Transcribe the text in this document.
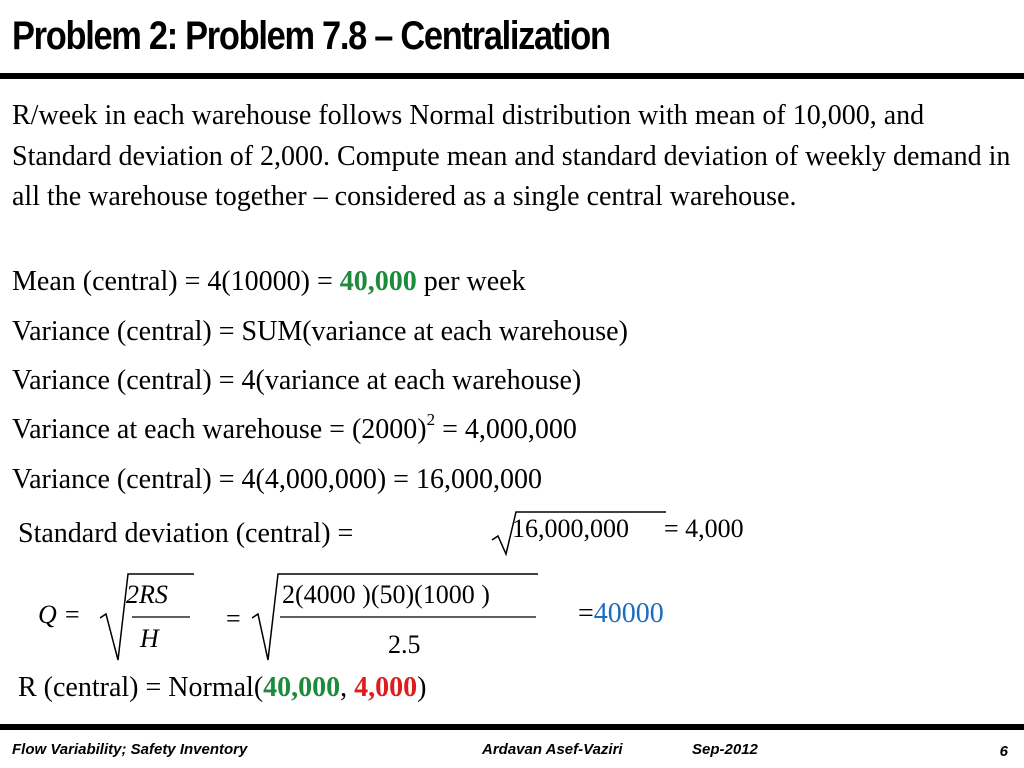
Problem 2: Problem 7.8 – Centralization
R/week in each warehouse follows Normal distribution with mean of 10,000, and Standard deviation of 2,000. Compute mean and standard deviation of weekly demand in all the warehouse together – considered as a single central warehouse.
Mean (central) = 4(10000) = 40,000 per week
Variance (central) = SUM(variance at each warehouse)
Variance (central) = 4(variance at each warehouse)
Variance at each warehouse = $(2000)^2 = 4,000,000$
Variance (central) = 4(4,000,000) = 16,000,000
Standard deviation (central) =	16,000,000 = 4,000
Q =
2RS
H
=
2(4000 )(50)(1000 )
2.5
=40000
R (central) = Normal(40,000, 4,000)
Flow Variability; Safety Inventory	Ardavan Asef-Vaziri	Sep-2012	6
